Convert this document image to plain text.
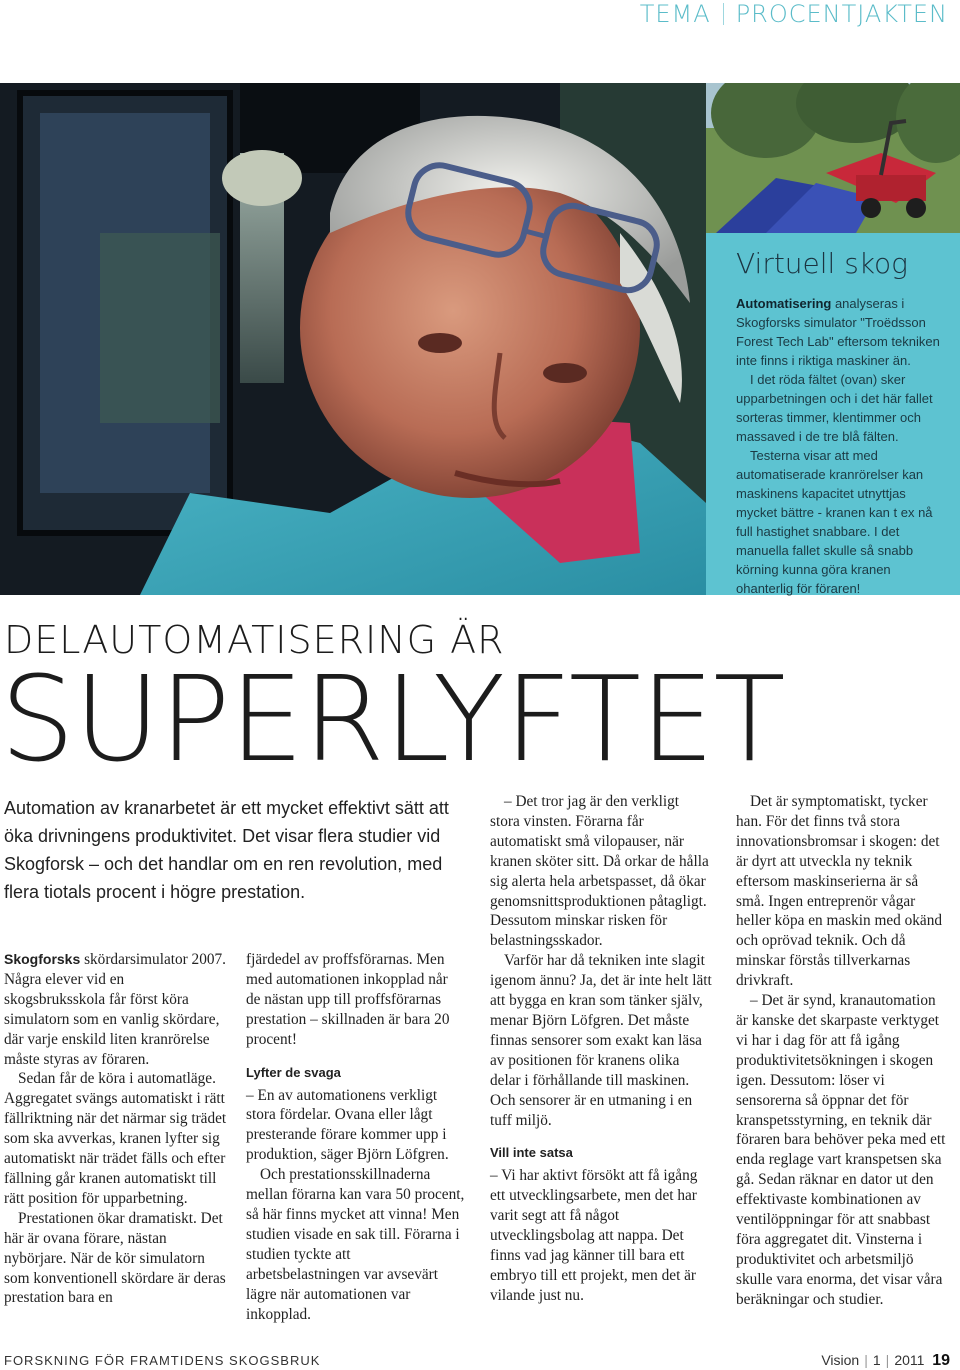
TEMA PROCENTJAKTEN
Virtuell skog

Automatisering analyseras i Skogforsks simulator "Troëdsson Forest Tech Lab" eftersom tekniken inte finns i riktiga maskiner än.

I det röda fältet (ovan) sker upparbetningen och i det här fallet sorteras timmer, klentimmer och massaved i de tre blå fälten.

Testerna visar att med automatiserade kranrörelser kan maskinens kapacitet utnyttjas mycket bättre - kranen kan t ex nå full hastighet snabbare. I det manuella fallet skulle så snabb körning kunna göra kranen ohanterlig för föraren!

DELAUTOMATISERING ÄR
SUPERLYFTET

Automation av kranarbetet är ett mycket effektivt sätt att öka drivningens produktivitet. Det visar flera studier vid Skogforsk – och det handlar om en ren revolution, med flera tiotals procent i högre prestation.

Skogforsks skördarsimulator 2007. Några elever vid en skogsbruksskola får först köra simulatorn som en vanlig skördare, där varje enskild liten kranrörelse måste styras av föraren.

Sedan får de köra i automatläge. Aggregatet svängs automatiskt i rätt fällriktning när det närmar sig trädet som ska avverkas, kranen lyfter sig automatiskt när trädet fälls och efter fällning går kranen automatiskt till rätt position för upparbetning.

Prestationen ökar dramatiskt. Det här är ovana förare, nästan nybörjare. När de kör simulatorn som konventionell skördare är deras prestation bara en

fjärdedel av proffsförarnas. Men med automationen inkopplad når de nästan upp till proffsförarnas prestation – skillnaden är bara 20 procent!

Lyfter de svaga

– En av automationens verkligt stora fördelar. Ovana eller lågt presterande förare kommer upp i produktion, säger Björn Löfgren.

Och prestationsskillnaderna mellan förarna kan vara 50 procent, så här finns mycket att vinna! Men studien visade en sak till. Förarna i studien tyckte att arbetsbelastningen var avsevärt lägre när automationen var inkopplad.

– Det tror jag är den verkligt stora vinsten. Förarna får automatiskt små vilopauser, när kranen sköter sitt. Då orkar de hålla sig alerta hela arbetspasset, då ökar genomsnittsproduktionen påtagligt. Dessutom minskar risken för belastningsskador.

Varför har då tekniken inte slagit igenom ännu? Ja, det är inte helt lätt att bygga en kran som tänker själv, menar Björn Löfgren. Det måste finnas sensorer som exakt kan läsa av positionen för kranens olika delar i förhållande till maskinen. Och sensorer är en utmaning i en tuff miljö.

Vill inte satsa

– Vi har aktivt försökt att få igång ett utvecklingsarbete, men det har varit segt att få något utvecklingsbolag att nappa. Det finns vad jag känner till bara ett embryo till ett projekt, men det är vilande just nu.

Det är symptomatiskt, tycker han. För det finns två stora innovationsbromsar i skogen: det är dyrt att utveckla ny teknik eftersom maskinserierna är så små. Ingen entreprenör vågar heller köpa en maskin med okänd och oprövad teknik. Och då minskar förstås tillverkarnas drivkraft.

– Det är synd, kranautomation är kanske det skarpaste verktyget vi har i dag för att få igång produktivitetsökningen i skogen igen. Dessutom: löser vi sensorerna så öppnar det för kranspetsstyrning, en teknik där föraren bara behöver peka med ett enda reglage vart kranspetsen ska gå. Sedan räknar en dator ut den effektivaste kombinationen av ventilöppningar för att snabbast föra aggregatet dit. Vinsterna i produktivitet och arbetsmiljö skulle vara enorma, det visar våra beräkningar och studier.

FORSKNING FÖR FRAMTIDENS SKOGSBRUK	Vision | 1 | 2011 19
